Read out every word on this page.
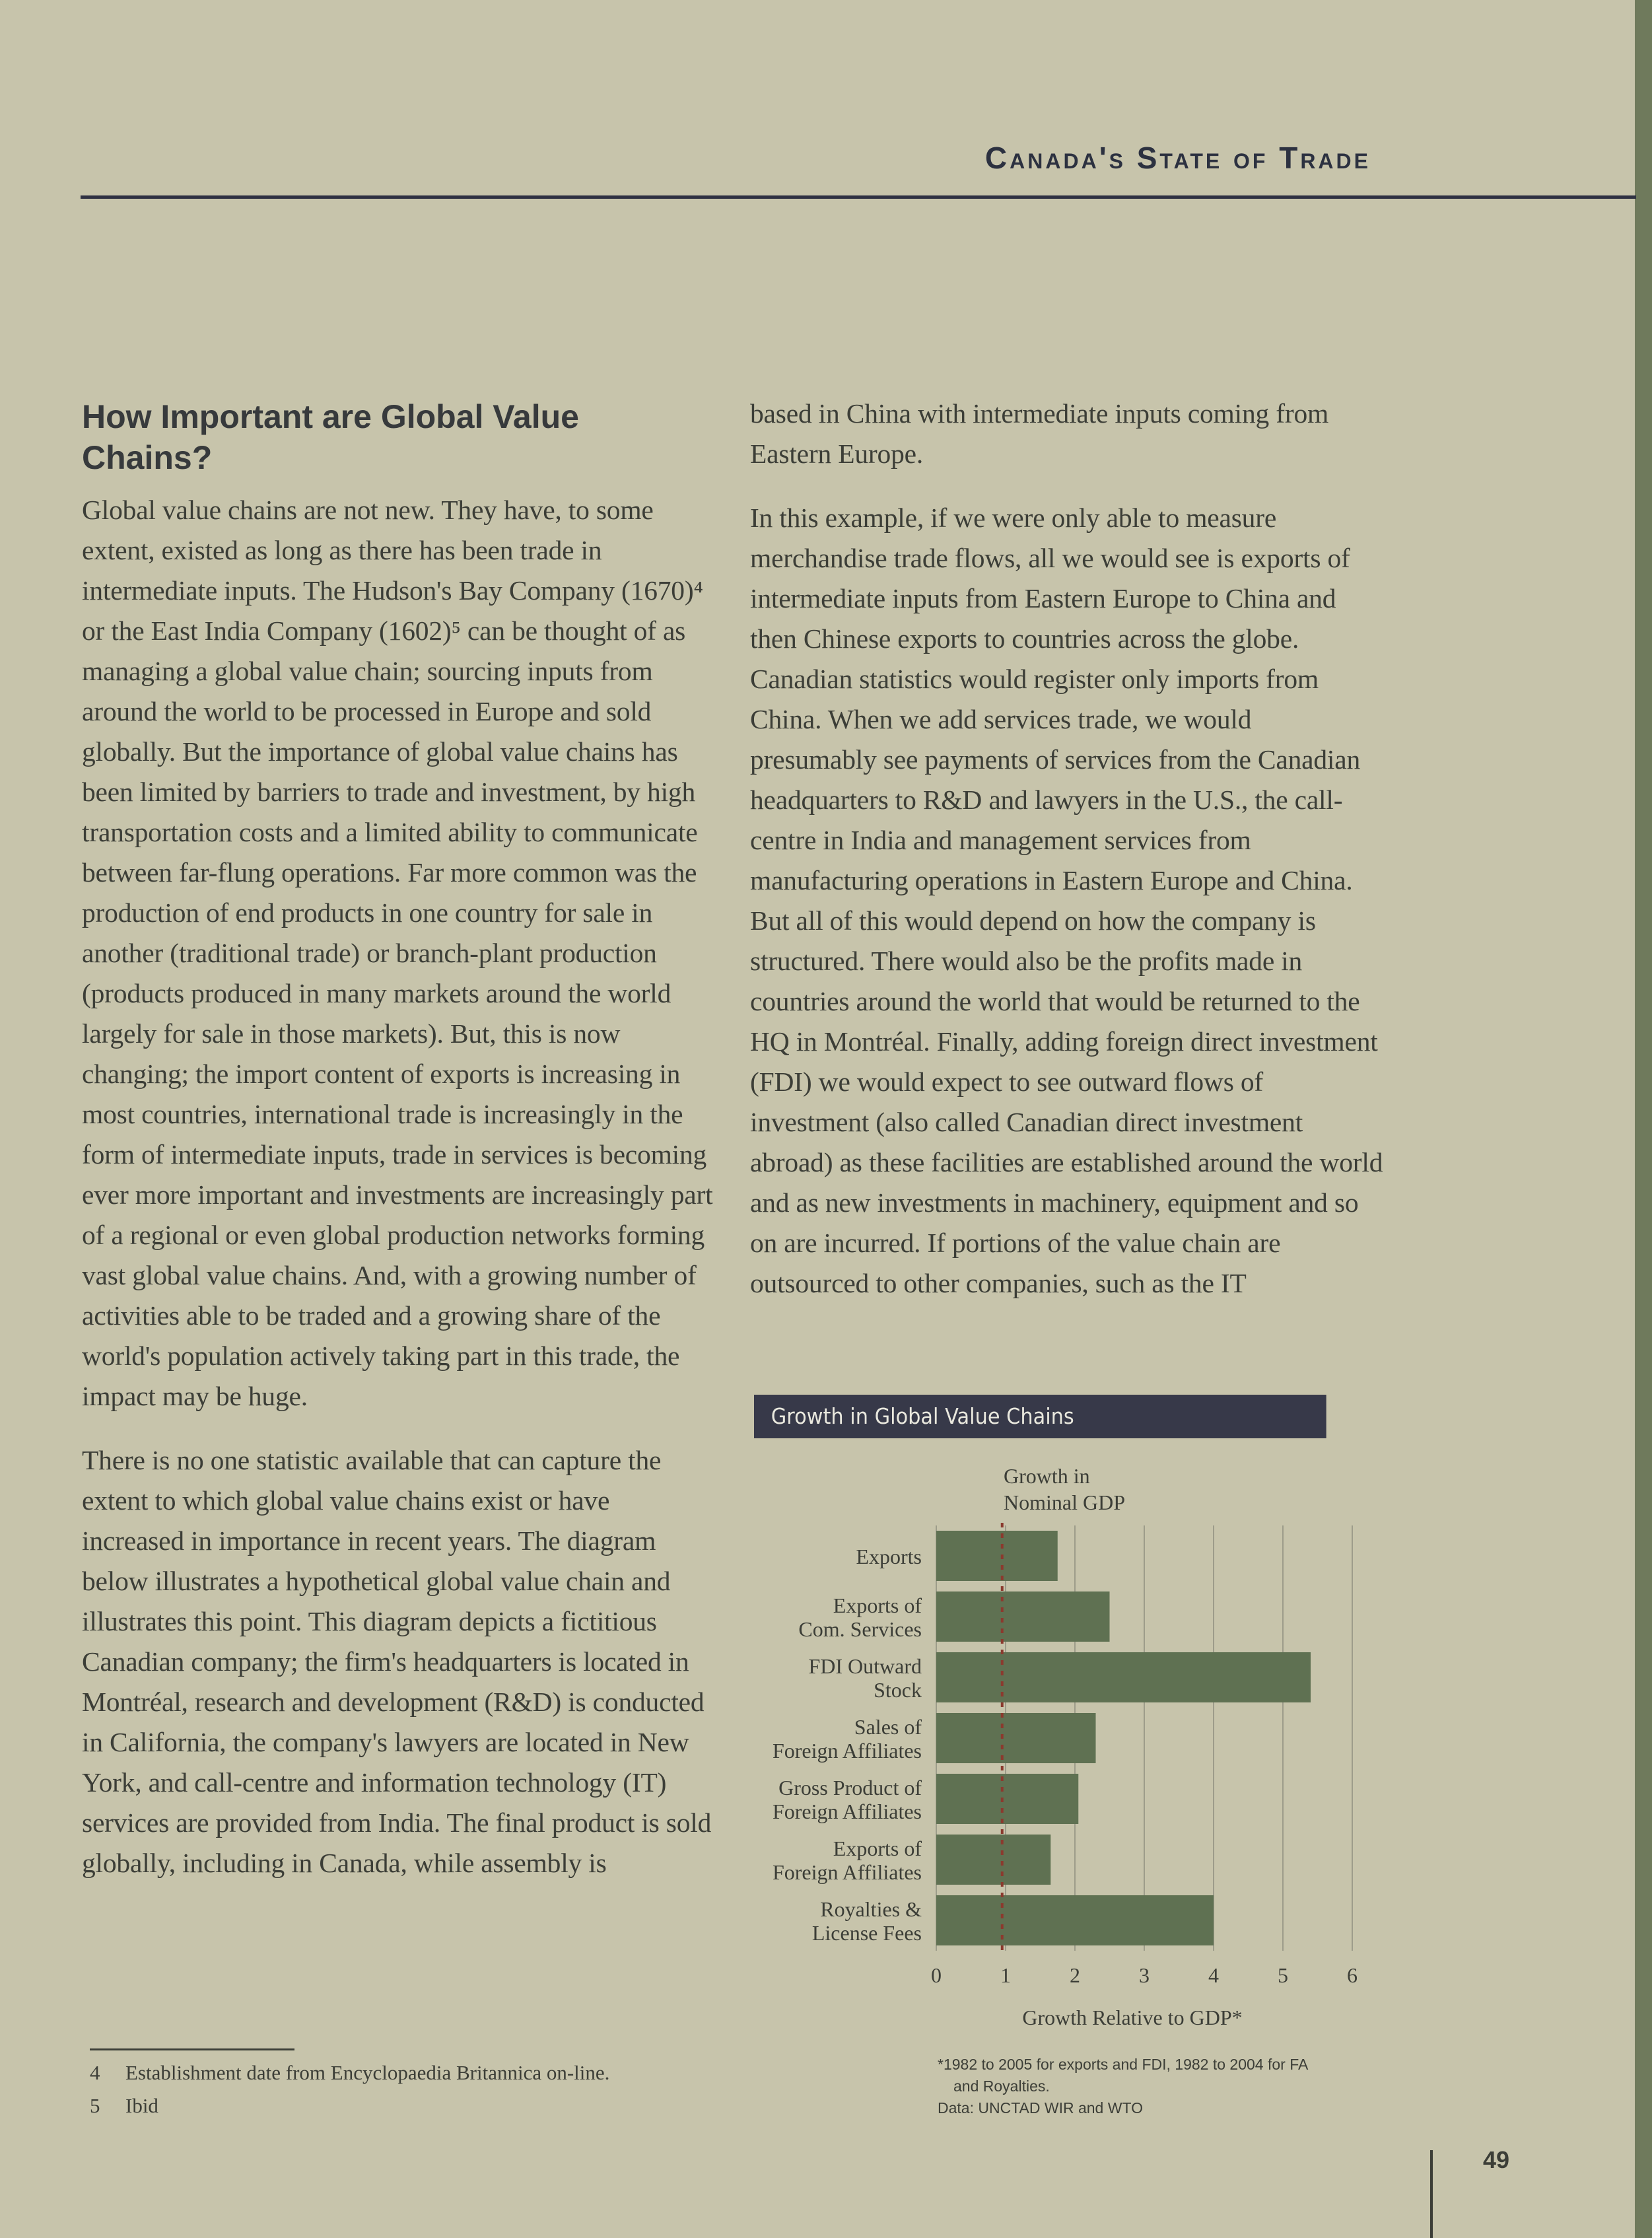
Canada's State of Trade
How Important are Global Value Chains?

Global value chains are not new. They have, to some extent, existed as long as there has been trade in intermediate inputs. The Hudson's Bay Company (1670)⁴ or the East India Company (1602)⁵ can be thought of as managing a global value chain; sourcing inputs from around the world to be processed in Europe and sold globally. But the importance of global value chains has been limited by barriers to trade and investment, by high transportation costs and a limited ability to communicate between far-flung operations. Far more common was the production of end products in one country for sale in another (traditional trade) or branch-plant production (products produced in many markets around the world largely for sale in those markets). But, this is now changing; the import content of exports is increasing in most countries, international trade is increasingly in the form of intermediate inputs, trade in services is becoming ever more important and investments are increasingly part of a regional or even global production networks forming vast global value chains. And, with a growing number of activities able to be traded and a growing share of the world's population actively taking part in this trade, the impact may be huge.

There is no one statistic available that can capture the extent to which global value chains exist or have increased in importance in recent years. The diagram below illustrates a hypothetical global value chain and illustrates this point. This diagram depicts a fictitious Canadian company; the firm's headquarters is located in Montréal, research and development (R&D) is conducted in California, the company's lawyers are located in New York, and call-centre and information technology (IT) services are provided from India. The final product is sold globally, including in Canada, while assembly is

based in China with intermediate inputs coming from Eastern Europe.

In this example, if we were only able to measure merchandise trade flows, all we would see is exports of intermediate inputs from Eastern Europe to China and then Chinese exports to countries across the globe. Canadian statistics would register only imports from China. When we add services trade, we would presumably see payments of services from the Canadian headquarters to R&D and lawyers in the U.S., the call-centre in India and management services from manufacturing operations in Eastern Europe and China. But all of this would depend on how the company is structured. There would also be the profits made in countries around the world that would be returned to the HQ in Montréal. Finally, adding foreign direct investment (FDI) we would expect to see outward flows of investment (also called Canadian direct investment abroad) as these facilities are established around the world and as new investments in machinery, equipment and so on are incurred. If portions of the value chain are outsourced to other companies, such as the IT

4 Establishment date from Encyclopaedia Britannica on-line.
5 Ibid
Growth in Global Value Chains
Exports
Exports of
Com. Services
FDI Outward
Stock
Sales of
Foreign Affiliates
Gross Product of
Foreign Affiliates
Exports of
Foreign Affiliates
Royalties &
License Fees
Growth in
Nominal GDP
0	1	2	3	4	5	6
Growth Relative to GDP*
*1982 to 2005 for exports and FDI, 1982 to 2004 for FA
and Royalties.
Data: UNCTAD WIR and WTO
49
